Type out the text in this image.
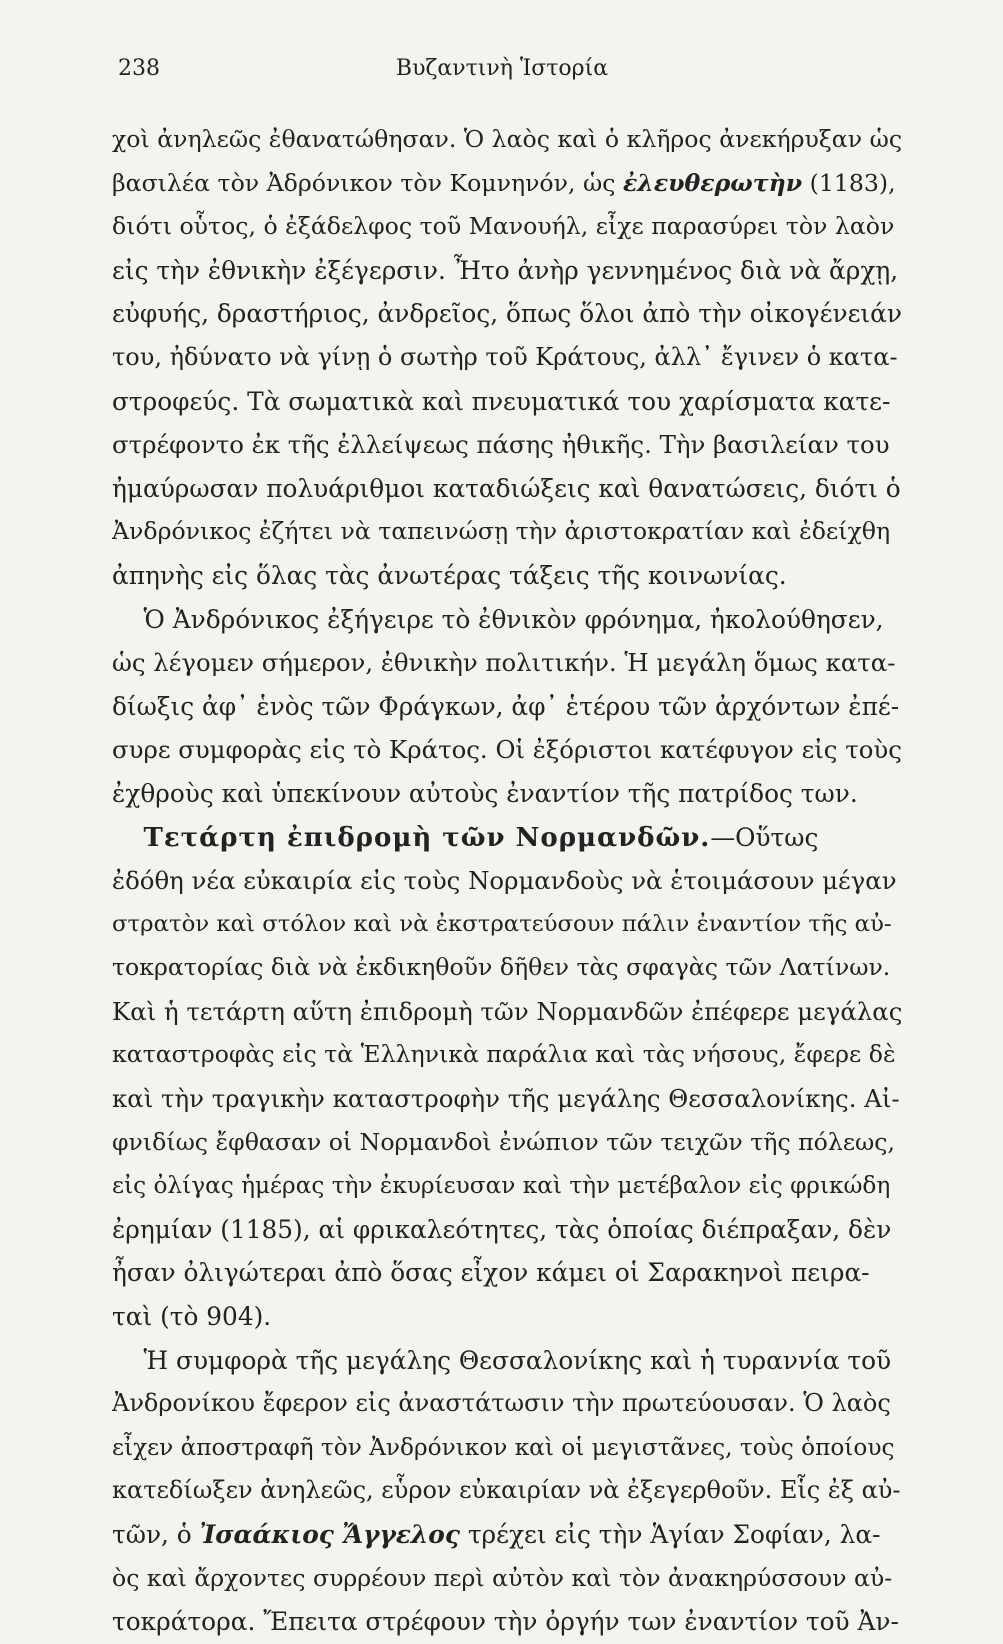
238	Βυζαντινὴ Ἱστορία
χοὶ ἀνηλεῶς ἐθανατώθησαν. Ὁ λαὸς καὶ ὁ κλῆρος ἀνεκήρυξαν ὡς
βασιλέα τὸν Ἀδρόνικον τὸν Κομνηνόν, ὡς ἐλευθερωτὴν (1183),
διότι οὗτος, ὁ ἐξάδελφος τοῦ Μανουήλ, εἶχε παρασύρει τὸν λαὸν
εἰς τὴν ἐθνικὴν ἐξέγερσιν. Ἦτο ἀνὴρ γεννημένος διὰ νὰ ἄρχῃ,
εὐφυής, δραστήριος, ἀνδρεῖος, ὅπως ὅλοι ἀπὸ τὴν οἰκογένειάν
του, ἠδύνατο νὰ γίνῃ ὁ σωτὴρ τοῦ Κράτους, ἀλλ᾽ ἔγινεν ὁ κατα-
στροφεύς. Τὰ σωματικὰ καὶ πνευματικά του χαρίσματα κατε-
στρέφοντο ἐκ τῆς ἐλλείψεως πάσης ἠθικῆς. Τὴν βασιλείαν του
ἠμαύρωσαν πολυάριθμοι καταδιώξεις καὶ θανατώσεις, διότι ὁ
Ἀνδρόνικος ἐζήτει νὰ ταπεινώσῃ τὴν ἀριστοκρατίαν καὶ ἐδείχθη
ἀπηνὴς εἰς ὅλας τὰς ἀνωτέρας τάξεις τῆς κοινωνίας.
Ὁ Ἀνδρόνικος ἐξήγειρε τὸ ἐθνικὸν φρόνημα, ἠκολούθησεν,
ὡς λέγομεν σήμερον, ἐθνικὴν πολιτικήν. Ἡ μεγάλη ὅμως κατα-
δίωξις ἀφ᾽ ἑνὸς τῶν Φράγκων, ἀφ᾽ ἑτέρου τῶν ἀρχόντων ἐπέ-
συρε συμφορὰς εἰς τὸ Κράτος. Οἱ ἐξόριστοι κατέφυγον εἰς τοὺς
ἐχθροὺς καὶ ὑπεκίνουν αὐτοὺς ἐναντίον τῆς πατρίδος των.
Τετάρτη ἐπιδρομὴ τῶν Νορμανδῶν.—Οὕτως
ἐδόθη νέα εὐκαιρία εἰς τοὺς Νορμανδοὺς νὰ ἑτοιμάσουν μέγαν
στρατὸν καὶ στόλον καὶ νὰ ἐκστρατεύσουν πάλιν ἐναντίον τῆς αὐ-
τοκρατορίας διὰ νὰ ἐκδικηθοῦν δῆθεν τὰς σφαγὰς τῶν Λατίνων.
Καὶ ἡ τετάρτη αὕτη ἐπιδρομὴ τῶν Νορμανδῶν ἐπέφερε μεγάλας
καταστροφὰς εἰς τὰ Ἑλληνικὰ παράλια καὶ τὰς νήσους, ἔφερε δὲ
καὶ τὴν τραγικὴν καταστροφὴν τῆς μεγάλης Θεσσαλονίκης. Αἰ-
φνιδίως ἔφθασαν οἱ Νορμανδοὶ ἐνώπιον τῶν τειχῶν τῆς πόλεως,
εἰς ὀλίγας ἡμέρας τὴν ἐκυρίευσαν καὶ τὴν μετέβαλον εἰς φρικώδη
ἐρημίαν (1185), αἱ φρικαλεότητες, τὰς ὁποίας διέπραξαν, δὲν
ἦσαν ὀλιγώτεραι ἀπὸ ὅσας εἶχον κάμει οἱ Σαρακηνοὶ πειρα-
ταὶ (τὸ 904).
Ἡ συμφορὰ τῆς μεγάλης Θεσσαλονίκης καὶ ἡ τυραννία τοῦ
Ἀνδρονίκου ἔφερον εἰς ἀναστάτωσιν τὴν πρωτεύουσαν. Ὁ λαὸς
εἶχεν ἀποστραφῆ τὸν Ἀνδρόνικον καὶ οἱ μεγιστᾶνες, τοὺς ὁποίους
κατεδίωξεν ἀνηλεῶς, εὗρον εὐκαιρίαν νὰ ἐξεγερθοῦν. Εἷς ἐξ αὐ-
τῶν, ὁ Ἰσαάκιος Ἄγγελος τρέχει εἰς τὴν Ἁγίαν Σοφίαν, λα-
ὸς καὶ ἄρχοντες συρρέουν περὶ αὐτὸν καὶ τὸν ἀνακηρύσσουν αὐ-
τοκράτορα. Ἔπειτα στρέφουν τὴν ὀργήν των ἐναντίον τοῦ Ἀν-
